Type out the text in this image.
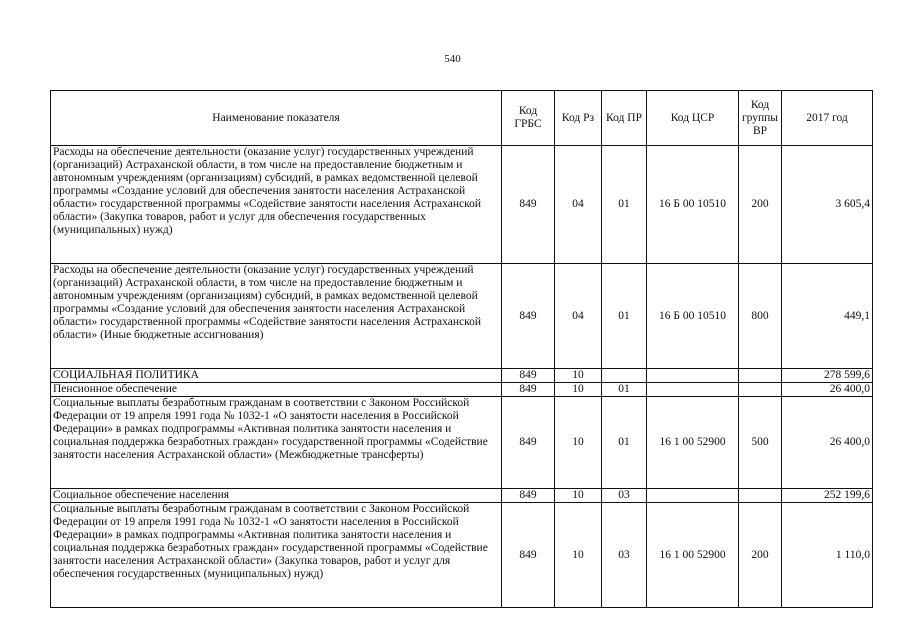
540
Наименование показателя	Код ГРБС	Код Рз	Код ПР	Код ЦСР	Код группы ВР	2017 год
Расходы на обеспечение деятельности (оказание услуг) государственных учреждений (организаций) Астраханской области, в том числе на предоставление бюджетным и автономным учреждениям (организациям) субсидий, в рамках ведомственной целевой программы «Создание условий для обеспечения занятости населения Астраханской области» государственной программы «Содействие занятости населения Астраханской области» (Закупка товаров, работ и услуг для обеспечения государственных (муниципальных) нужд)	849	04	01	16 Б 00 10510	200	3 605,4
Расходы на обеспечение деятельности (оказание услуг) государственных учреждений (организаций) Астраханской области, в том числе на предоставление бюджетным и автономным учреждениям (организациям) субсидий, в рамках ведомственной целевой программы «Создание условий для обеспечения занятости населения Астраханской области» государственной программы «Содействие занятости населения Астраханской области» (Иные бюджетные ассигнования)	849	04	01	16 Б 00 10510	800	449,1
СОЦИАЛЬНАЯ ПОЛИТИКА	849	10				278 599,6
Пенсионное обеспечение	849	10	01			26 400,0
Социальные выплаты безработным гражданам в соответствии с Законом Российской Федерации от 19 апреля 1991 года № 1032-1 «О занятости населения в Российской Федерации» в рамках подпрограммы «Активная политика занятости населения и социальная поддержка безработных граждан» государственной программы «Содействие занятости населения Астраханской области» (Межбюджетные трансферты)	849	10	01	16 1 00 52900	500	26 400,0
Социальное обеспечение населения	849	10	03			252 199,6
Социальные выплаты безработным гражданам в соответствии с Законом Российской Федерации от 19 апреля 1991 года № 1032-1 «О занятости населения в Российской Федерации» в рамках подпрограммы «Активная политика занятости населения и социальная поддержка безработных граждан» государственной программы «Содействие занятости населения Астраханской области» (Закупка товаров, работ и услуг для обеспечения государственных (муниципальных) нужд)	849	10	03	16 1 00 52900	200	1 110,0
